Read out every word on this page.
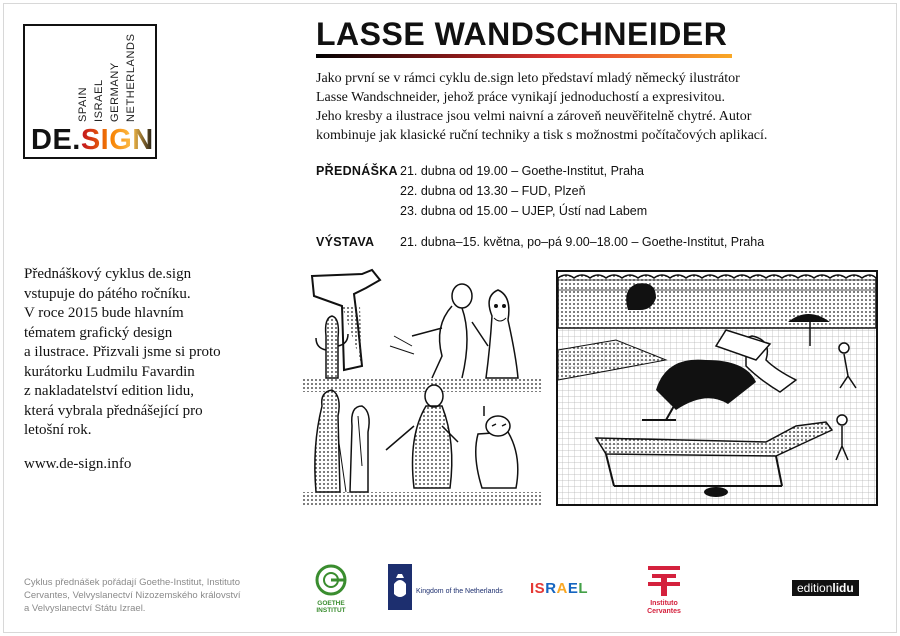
SPAIN ISRAEL GERMANY NETHERLANDS
DE.SIGN
LASSE WANDSCHNEIDER
Jako první se v rámci cyklu de.sign leto představí mladý německý ilustrátor
Lasse Wandschneider, jehož práce vynikají jednoduchostí a expresivitou.
Jeho kresby a ilustrace jsou velmi naivní a zároveň neuvěřitelně chytré. Autor
kombinuje jak klasické ruční techniky a tisk s možnostmi počítačových aplikací.
PŘEDNÁŠKA 21. dubna od 19.00 – Goethe-Institut, Praha
22. dubna od 13.30 – FUD, Plzeň
23. dubna od 15.00 – UJEP, Ústí nad Labem
VÝSTAVA	21. dubna–15. května, po–pá 9.00–18.00 – Goethe-Institut, Praha
Přednáškový cyklus de.sign
vstupuje do pátého ročníku.
V roce 2015 bude hlavním
tématem grafický design
a ilustrace. Přizvali jsme si proto
kurátorku Ludmilu Favardin
z nakladatelství edition lidu,
která vybrala přednášející pro
letošní rok.
www.de-sign.info
Cyklus přednášek pořádají Goethe-Institut, Instituto
Cervantes, Velvyslanectví Nizozemského království
a Velvyslanectví Státu Izrael.	GOETHE INSTITUT
Kingdom of the Netherlands ISRAEL
Instituto Cervantes
editionlidu
